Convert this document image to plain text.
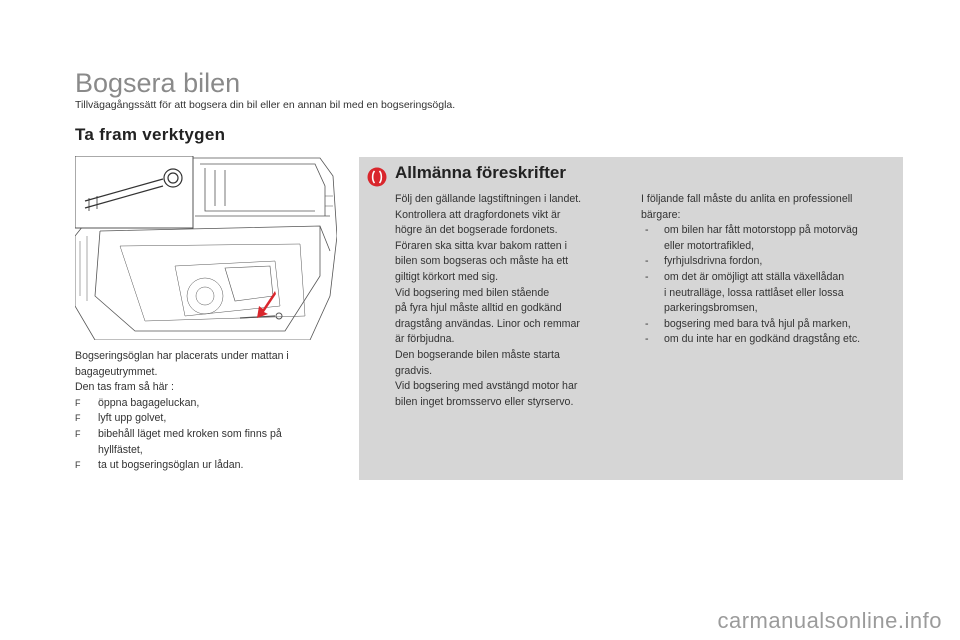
Bogsera bilen
Tillvägagångssätt för att bogsera din bil eller en annan bil med en bogseringsögla.
Ta fram verktygen

Bogseringsöglan har placerats under mattan i

bagageutrymmet.

Den tas fram så här :

F öppna bagageluckan,
F lyft upp golvet,
F bibehåll läget med kroken som finns på
hyllfästet,
F ta ut bogseringsöglan ur lådan.
Allmänna föreskrifter

Följ den gällande lagstiftningen i landet.

Kontrollera att dragfordonets vikt är

högre än det bogserade fordonets.

Föraren ska sitta kvar bakom ratten i

bilen som bogseras och måste ha ett

giltigt körkort med sig.

Vid bogsering med bilen stående

på fyra hjul måste alltid en godkänd

dragstång användas. Linor och remmar

är förbjudna.

Den bogserande bilen måste starta

gradvis.

Vid bogsering med avstängd motor har

bilen inget bromsservo eller styrservo.

I följande fall måste du anlita en professionell
bärgare:

- om bilen har fått motorstopp på motorväg
eller motortrafikled,
- fyrhjulsdrivna fordon,
- om det är omöjligt att ställa växellådan
i neutralläge, lossa rattlåset eller lossa
parkeringsbromsen,
- bogsering med bara två hjul på marken,
- om du inte har en godkänd dragstång etc.
carmanualsonline.info
